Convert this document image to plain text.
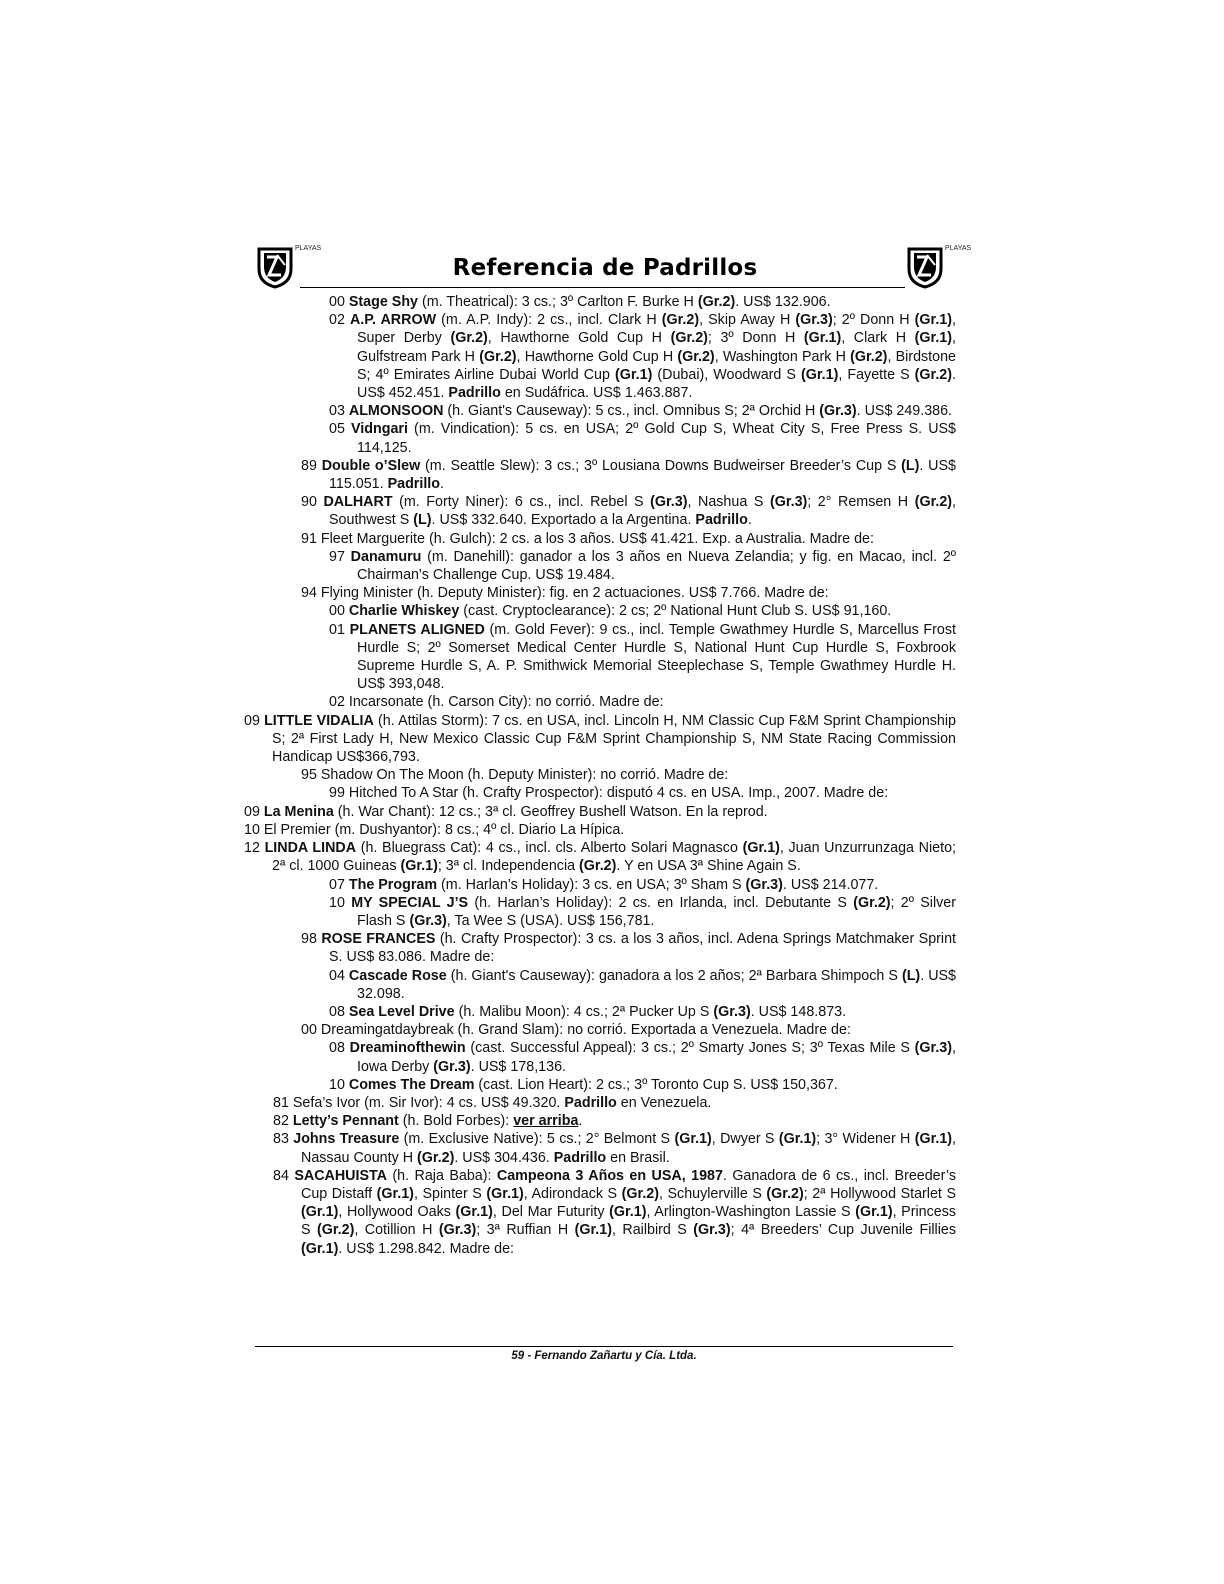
PLAYAS
Referencia de Padrillos
PLAYAS

00 Stage Shy (m. Theatrical): 3 cs.; 3º Carlton F. Burke H (Gr.2). US$ 132.906.

02 A.P. ARROW (m. A.P. Indy): 2 cs., incl. Clark H (Gr.2), Skip Away H (Gr.3); 2º Donn H (Gr.1), Super Derby (Gr.2), Hawthorne Gold Cup H (Gr.2); 3º Donn H (Gr.1), Clark H (Gr.1), Gulfstream Park H (Gr.2), Hawthorne Gold Cup H (Gr.2), Washington Park H (Gr.2), Birdstone S; 4º Emirates Airline Dubai World Cup (Gr.1) (Dubai), Woodward S (Gr.1), Fayette S (Gr.2). US$ 452.451. Padrillo en Sudáfrica. US$ 1.463.887.

03 ALMONSOON (h. Giant's Causeway): 5 cs., incl. Omnibus S; 2ª Orchid H (Gr.3). US$ 249.386.

05 Vidngari (m. Vindication): 5 cs. en USA; 2º Gold Cup S, Wheat City S, Free Press S. US$ 114,125.

89 Double o’Slew (m. Seattle Slew): 3 cs.; 3º Lousiana Downs Budweirser Breeder’s Cup S (L). US$ 115.051. Padrillo.

90 DALHART (m. Forty Niner): 6 cs., incl. Rebel S (Gr.3), Nashua S (Gr.3); 2° Remsen H (Gr.2), Southwest S (L). US$ 332.640. Exportado a la Argentina. Padrillo.

91 Fleet Marguerite (h. Gulch): 2 cs. a los 3 años. US$ 41.421. Exp. a Australia. Madre de:

97 Danamuru (m. Danehill): ganador a los 3 años en Nueva Zelandia; y fig. en Macao, incl. 2º Chairman's Challenge Cup. US$ 19.484.

94 Flying Minister (h. Deputy Minister): fig. en 2 actuaciones. US$ 7.766. Madre de:

00 Charlie Whiskey (cast. Cryptoclearance): 2 cs; 2º National Hunt Club S. US$ 91,160.

01 PLANETS ALIGNED (m. Gold Fever): 9 cs., incl. Temple Gwathmey Hurdle S, Marcellus Frost Hurdle S; 2º Somerset Medical Center Hurdle S, National Hunt Cup Hurdle S, Foxbrook Supreme Hurdle S, A. P. Smithwick Memorial Steeplechase S, Temple Gwathmey Hurdle H. US$ 393,048.

02 Incarsonate (h. Carson City): no corrió. Madre de:

09 LITTLE VIDALIA (h. Attilas Storm): 7 cs. en USA, incl. Lincoln H, NM Classic Cup F&M Sprint Championship S; 2ª First Lady H, New Mexico Classic Cup F&M Sprint Championship S, NM State Racing Commission Handicap US$366,793.

95 Shadow On The Moon (h. Deputy Minister): no corrió. Madre de:

99 Hitched To A Star (h. Crafty Prospector): disputó 4 cs. en USA. Imp., 2007. Madre de:

09 La Menina (h. War Chant): 12 cs.; 3ª cl. Geoffrey Bushell Watson. En la reprod.

10 El Premier (m. Dushyantor): 8 cs.; 4º cl. Diario La Hípica.

12 LINDA LINDA (h. Bluegrass Cat): 4 cs., incl. cls. Alberto Solari Magnasco (Gr.1), Juan Unzurrunzaga Nieto; 2ª cl. 1000 Guineas (Gr.1); 3ª cl. Independencia (Gr.2). Y en USA 3ª Shine Again S.

07 The Program (m. Harlan’s Holiday): 3 cs. en USA; 3º Sham S (Gr.3). US$ 214.077.

10 MY SPECIAL J’S (h. Harlan’s Holiday): 2 cs. en Irlanda, incl. Debutante S (Gr.2); 2º Silver Flash S (Gr.3), Ta Wee S (USA). US$ 156,781.

98 ROSE FRANCES (h. Crafty Prospector): 3 cs. a los 3 años, incl. Adena Springs Matchmaker Sprint S. US$ 83.086. Madre de:

04 Cascade Rose (h. Giant's Causeway): ganadora a los 2 años; 2ª Barbara Shimpoch S (L). US$ 32.098.

08 Sea Level Drive (h. Malibu Moon): 4 cs.; 2ª Pucker Up S (Gr.3). US$ 148.873.

00 Dreamingatdaybreak (h. Grand Slam): no corrió. Exportada a Venezuela. Madre de:

08 Dreaminofthewin (cast. Successful Appeal): 3 cs.; 2º Smarty Jones S; 3º Texas Mile S (Gr.3), Iowa Derby (Gr.3). US$ 178,136.

10 Comes The Dream (cast. Lion Heart): 2 cs.; 3º Toronto Cup S. US$ 150,367.

81 Sefa’s Ivor (m. Sir Ivor): 4 cs. US$ 49.320. Padrillo en Venezuela.

82 Letty’s Pennant (h. Bold Forbes): ver arriba.

83 Johns Treasure (m. Exclusive Native): 5 cs.; 2° Belmont S (Gr.1), Dwyer S (Gr.1); 3° Widener H (Gr.1), Nassau County H (Gr.2). US$ 304.436. Padrillo en Brasil.

84 SACAHUISTA (h. Raja Baba): Campeona 3 Años en USA, 1987. Ganadora de 6 cs., incl. Breeder’s Cup Distaff (Gr.1), Spinter S (Gr.1), Adirondack S (Gr.2), Schuylerville S (Gr.2); 2ª Hollywood Starlet S (Gr.1), Hollywood Oaks (Gr.1), Del Mar Futurity (Gr.1), Arlington-Washington Lassie S (Gr.1), Princess S (Gr.2), Cotillion H (Gr.3); 3ª Ruffian H (Gr.1), Railbird S (Gr.3); 4ª Breeders’ Cup Juvenile Fillies (Gr.1). US$ 1.298.842. Madre de:

59 - Fernando Zañartu y Cía. Ltda.
